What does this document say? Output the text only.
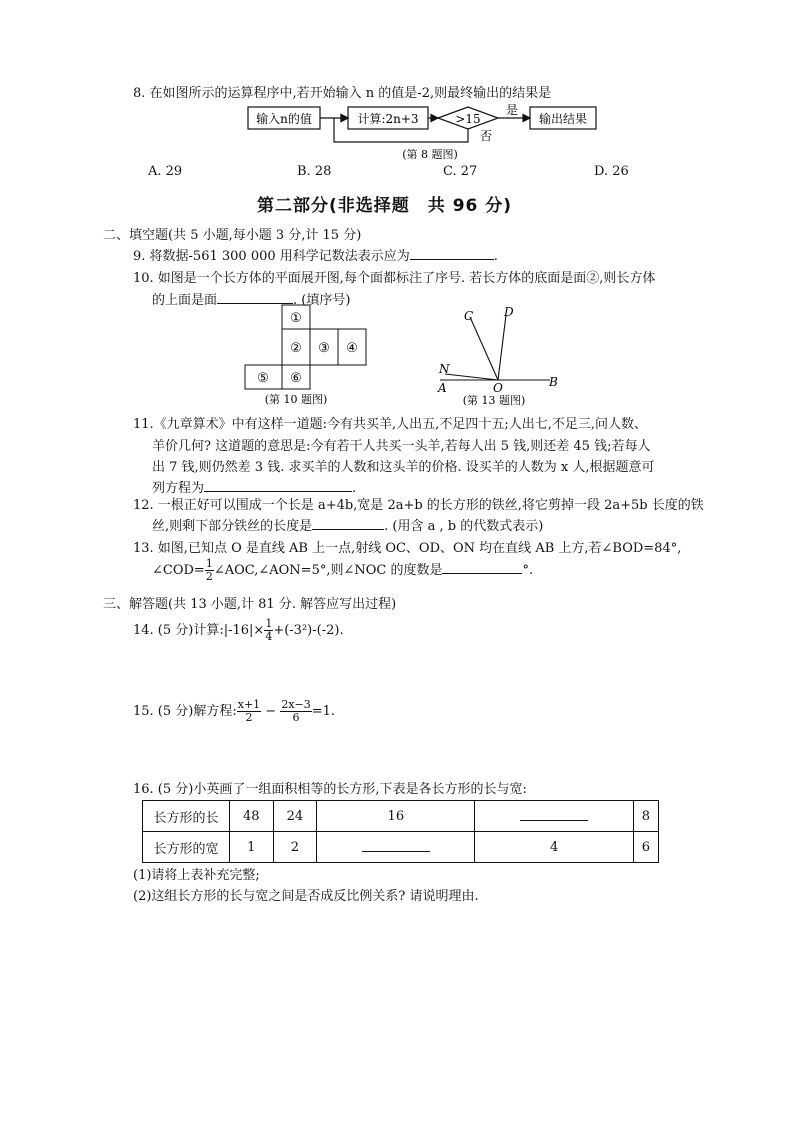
8. 在如图所示的运算程序中,若开始输入 n 的值是-2,则最终输出的结果是
输入n的值	计算:2n+3	>15
是
否
输出结果
(第 8 题图)
A. 29	B. 28	C. 27	D. 26
第二部分(非选择题　共 96 分)
二、填空题(共 5 小题,每小题 3 分,计 15 分)
9. 将数据-561 300 000 用科学记数法表示应为	.
10. 如图是一个长方体的平面展开图,每个面都标注了序号. 若长方体的底面是面②,则长方体
的上面是面	. (填序号)
①
② ③ ④
⑤ ⑥
(第 10 题图)
C	D
N
A	O	B
(第 13 题图)
11.《九章算术》中有这样一道题:今有共买羊,人出五,不足四十五;人出七,不足三,问人数、
羊价几何? 这道题的意思是:今有若干人共买一头羊,若每人出 5 钱,则还差 45 钱;若每人
出 7 钱,则仍然差 3 钱. 求买羊的人数和这头羊的价格. 设买羊的人数为 x 人,根据题意可
列方程为	.
12. 一根正好可以围成一个长是 a+4b,宽是 2a+b 的长方形的铁丝,将它剪掉一段 2a+5b 长度的铁
丝,则剩下部分铁丝的长度是	. (用含 a , b 的代数式表示)
13. 如图,已知点 O 是直线 AB 上一点,射线 OC、OD、ON 均在直线 AB 上方,若∠BOD=84°,
∠COD= $\frac{1}{2}$ ∠AOC,∠AON=5°,则∠NOC 的度数是	°.
三、解答题(共 13 小题,计 81 分. 解答应写出过程)
14. (5 分)计算:|-16|× $\frac{1}{4} +(-3^2)-(-2)$.
15. (5 分)解方程: $\frac{x+1}{2} - \frac{2x-3}{6} =1$.
16. (5 分)小英画了一组面积相等的长方形,下表是各长方形的长与宽:
长方形的长	48	24	16		8
长方形的宽	1	2		4	6
(1)请将上表补充完整;
(2)这组长方形的长与宽之间是否成反比例关系? 请说明理由.
